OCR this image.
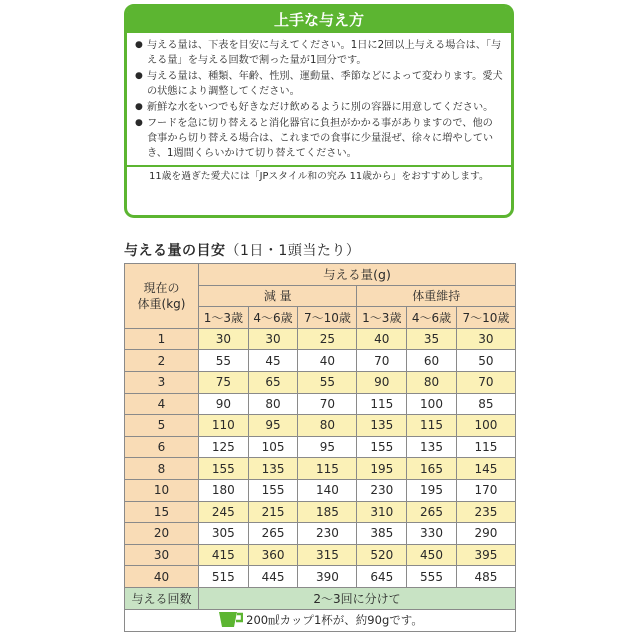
上手な与え方
● 与える量は、下表を目安に与えてください。1日に2回以上与える場合は、「与える量」を与える回数で割った量が1回分です。
● 与える量は、種類、年齢、性別、運動量、季節などによって変わります。愛犬の状態により調整してください。
● 新鮮な水をいつでも好きなだけ飲めるように別の容器に用意してください。
● フードを急に切り替えると消化器官に負担がかかる事がありますので、他の食事から切り替える場合は、これまでの食事に少量混ぜ、徐々に増やしていき、1週間くらいかけて切り替えてください。
11歳を過ぎた愛犬には「JPスタイル和の究み 11歳から」をおすすめします。
与える量の目安（1日・1頭当たり）
現在の
体重(kg)	与える量(g)					
	減 量			体重維持		
	1〜3歳	4〜6歳	7〜10歳	1〜3歳	4〜6歳	7〜10歳
1	30	30	25	40	35	30
2	55	45	40	70	60	50
3	75	65	55	90	80	70
4	90	80	70	115	100	85
5	110	95	80	135	115	100
6	125	105	95	155	135	115
8	155	135	115	195	165	145
10	180	155	140	230	195	170
15	245	215	185	310	265	235
20	305	265	230	385	330	290
30	415	360	315	520	450	395
40	515	445	390	645	555	485
与える回数	2〜3回に分けて					
200㎖カップ1杯が、約90gです。						
